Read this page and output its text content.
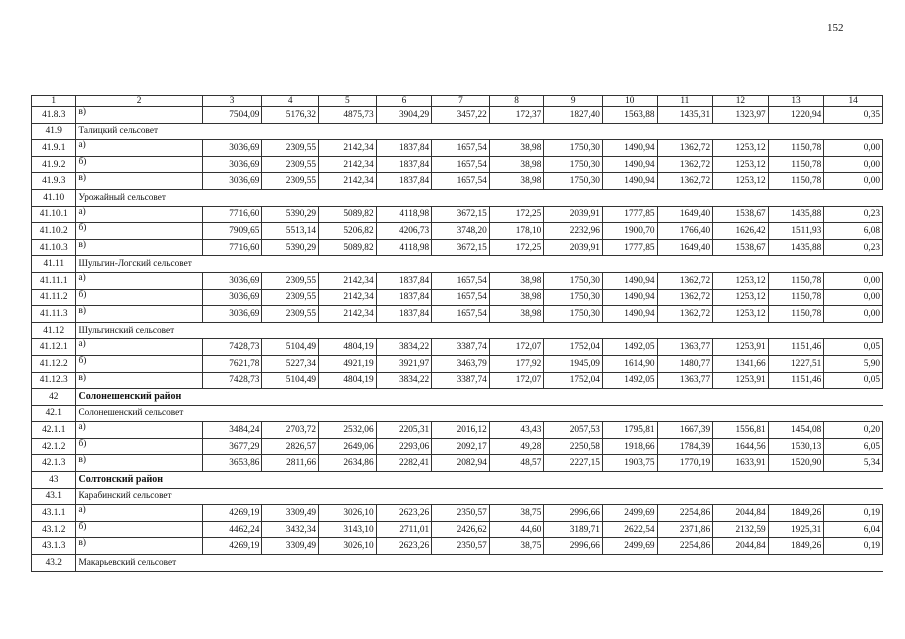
152
1	2	3	4	5	6	7	8	9	10	11	12	13	14
41.8.3	в)	7504,09	5176,32	4875,73	3904,29	3457,22	172,37	1827,40	1563,88	1435,31	1323,97	1220,94	0,35
41.9	Талицкий сельсовет												
41.9.1	а)	3036,69	2309,55	2142,34	1837,84	1657,54	38,98	1750,30	1490,94	1362,72	1253,12	1150,78	0,00
41.9.2	б)	3036,69	2309,55	2142,34	1837,84	1657,54	38,98	1750,30	1490,94	1362,72	1253,12	1150,78	0,00
41.9.3	в)	3036,69	2309,55	2142,34	1837,84	1657,54	38,98	1750,30	1490,94	1362,72	1253,12	1150,78	0,00
41.10	Урожайный сельсовет												
41.10.1	а)	7716,60	5390,29	5089,82	4118,98	3672,15	172,25	2039,91	1777,85	1649,40	1538,67	1435,88	0,23
41.10.2	б)	7909,65	5513,14	5206,82	4206,73	3748,20	178,10	2232,96	1900,70	1766,40	1626,42	1511,93	6,08
41.10.3	в)	7716,60	5390,29	5089,82	4118,98	3672,15	172,25	2039,91	1777,85	1649,40	1538,67	1435,88	0,23
41.11	Шульгин-Логский сельсовет												
41.11.1	а)	3036,69	2309,55	2142,34	1837,84	1657,54	38,98	1750,30	1490,94	1362,72	1253,12	1150,78	0,00
41.11.2	б)	3036,69	2309,55	2142,34	1837,84	1657,54	38,98	1750,30	1490,94	1362,72	1253,12	1150,78	0,00
41.11.3	в)	3036,69	2309,55	2142,34	1837,84	1657,54	38,98	1750,30	1490,94	1362,72	1253,12	1150,78	0,00
41.12	Шульгинский сельсовет												
41.12.1	а)	7428,73	5104,49	4804,19	3834,22	3387,74	172,07	1752,04	1492,05	1363,77	1253,91	1151,46	0,05
41.12.2	б)	7621,78	5227,34	4921,19	3921,97	3463,79	177,92	1945,09	1614,90	1480,77	1341,66	1227,51	5,90
41.12.3	в)	7428,73	5104,49	4804,19	3834,22	3387,74	172,07	1752,04	1492,05	1363,77	1253,91	1151,46	0,05
42	Солонешенский район												
42.1	Солонешенский сельсовет												
42.1.1	а)	3484,24	2703,72	2532,06	2205,31	2016,12	43,43	2057,53	1795,81	1667,39	1556,81	1454,08	0,20
42.1.2	б)	3677,29	2826,57	2649,06	2293,06	2092,17	49,28	2250,58	1918,66	1784,39	1644,56	1530,13	6,05
42.1.3	в)	3653,86	2811,66	2634,86	2282,41	2082,94	48,57	2227,15	1903,75	1770,19	1633,91	1520,90	5,34
43	Солтонский район												
43.1	Карабинский сельсовет												
43.1.1	а)	4269,19	3309,49	3026,10	2623,26	2350,57	38,75	2996,66	2499,69	2254,86	2044,84	1849,26	0,19
43.1.2	б)	4462,24	3432,34	3143,10	2711,01	2426,62	44,60	3189,71	2622,54	2371,86	2132,59	1925,31	6,04
43.1.3	в)	4269,19	3309,49	3026,10	2623,26	2350,57	38,75	2996,66	2499,69	2254,86	2044,84	1849,26	0,19
43.2	Макарьевский сельсовет												
